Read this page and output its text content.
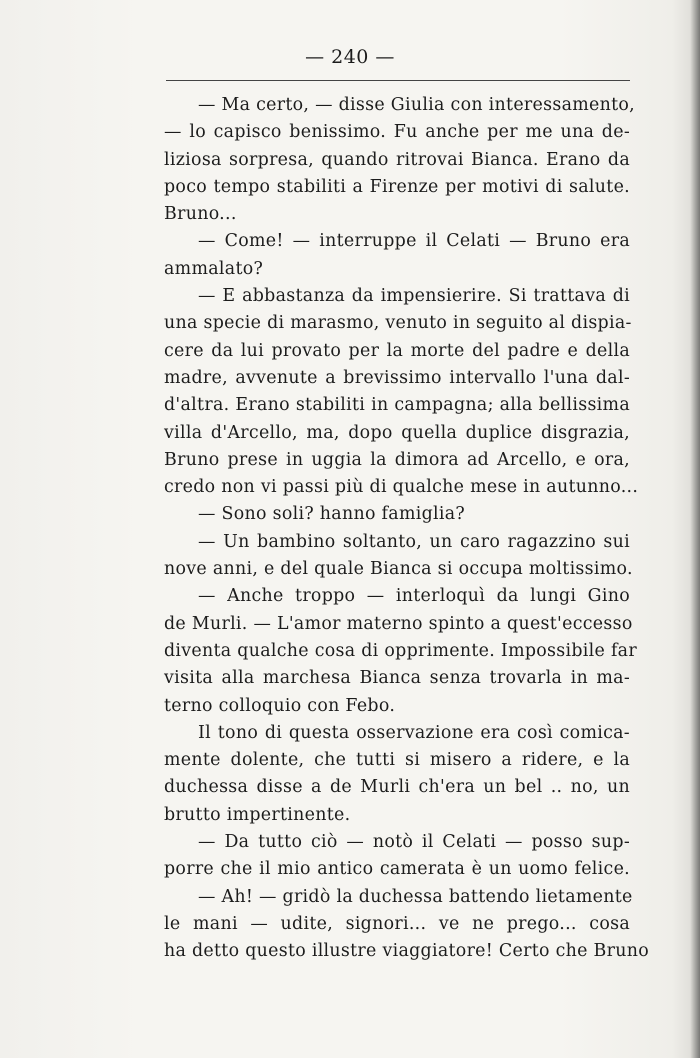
— 240 —
— Ma certo, — disse Giulia con interessamento,
— lo capisco benissimo. Fu anche per me una de-
liziosa sorpresa, quando ritrovai Bianca. Erano da
poco tempo stabiliti a Firenze per motivi di salute.
Bruno...
— Come! — interruppe il Celati — Bruno era
ammalato?
— E abbastanza da impensierire. Si trattava di
una specie di marasmo, venuto in seguito al dispia-
cere da lui provato per la morte del padre e della
madre, avvenute a brevissimo intervallo l'una dal-
d'altra. Erano stabiliti in campagna; alla bellissima
villa d'Arcello, ma, dopo quella duplice disgrazia,
Bruno prese in uggia la dimora ad Arcello, e ora,
credo non vi passi più di qualche mese in autunno...
— Sono soli? hanno famiglia?
— Un bambino soltanto, un caro ragazzino sui
nove anni, e del quale Bianca si occupa moltissimo.
— Anche troppo — interloquì da lungi Gino
de Murli. — L'amor materno spinto a quest'eccesso
diventa qualche cosa di opprimente. Impossibile far
visita alla marchesa Bianca senza trovarla in ma-
terno colloquio con Febo.
Il tono di questa osservazione era così comica-
mente dolente, che tutti si misero a ridere, e la
duchessa disse a de Murli ch'era un bel .. no, un
brutto impertinente.
— Da tutto ciò — notò il Celati — posso sup-
porre che il mio antico camerata è un uomo felice.
— Ah! — gridò la duchessa battendo lietamente
le mani — udite, signori... ve ne prego... cosa
ha detto questo illustre viaggiatore! Certo che Bruno
